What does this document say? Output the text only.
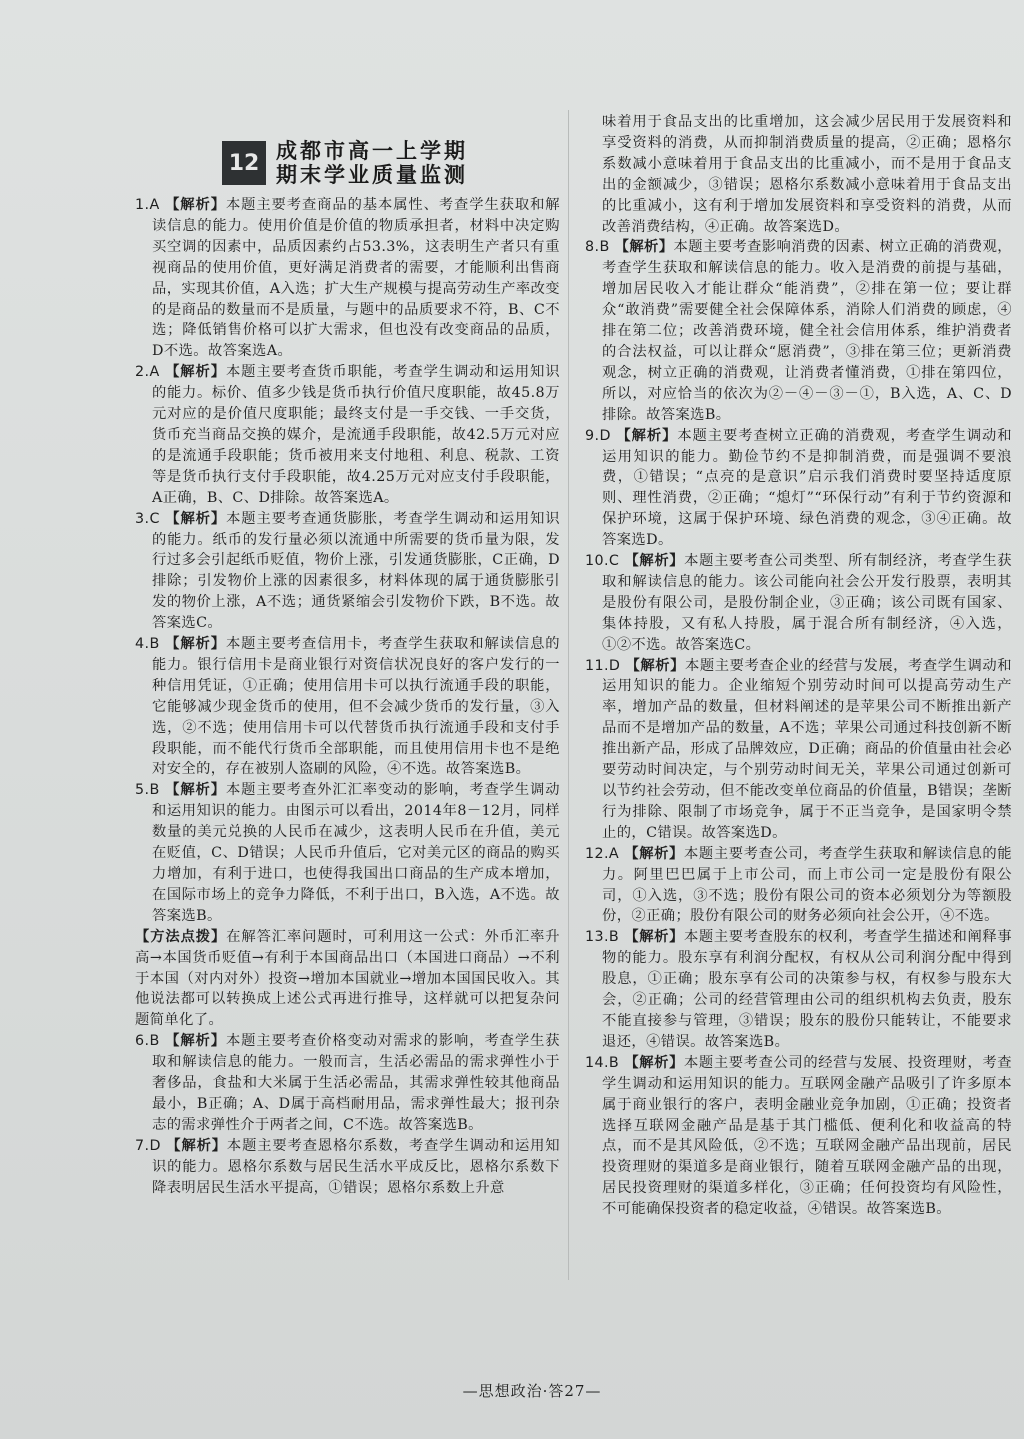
12 成都市高一上学期
期末学业质量监测

1.A 【解析】本题主要考查商品的基本属性、考查学生获取和解读信息的能力。使用价值是价值的物质承担者，材料中决定购买空调的因素中，品质因素约占53.3%，这表明生产者只有重视商品的使用价值，更好满足消费者的需要，才能顺利出售商品，实现其价值，A入选；扩大生产规模与提高劳动生产率改变的是商品的数量而不是质量，与题中的品质要求不符，B、C不选；降低销售价格可以扩大需求，但也没有改变商品的品质，D不选。故答案选A。

2.A 【解析】本题主要考查货币职能，考查学生调动和运用知识的能力。标价、值多少钱是货币执行价值尺度职能，故45.8万元对应的是价值尺度职能；最终支付是一手交钱、一手交货，货币充当商品交换的媒介，是流通手段职能，故42.5万元对应的是流通手段职能；货币被用来支付地租、利息、税款、工资等是货币执行支付手段职能，故4.25万元对应支付手段职能，A正确，B、C、D排除。故答案选A。

3.C 【解析】本题主要考查通货膨胀，考查学生调动和运用知识的能力。纸币的发行量必须以流通中所需要的货币量为限，发行过多会引起纸币贬值，物价上涨，引发通货膨胀，C正确，D排除；引发物价上涨的因素很多，材料体现的属于通货膨胀引发的物价上涨，A不选；通货紧缩会引发物价下跌，B不选。故答案选C。

4.B 【解析】本题主要考查信用卡，考查学生获取和解读信息的能力。银行信用卡是商业银行对资信状况良好的客户发行的一种信用凭证，①正确；使用信用卡可以执行流通手段的职能，它能够减少现金货币的使用，但不会减少货币的发行量，③入选，②不选；使用信用卡可以代替货币执行流通手段和支付手段职能，而不能代行货币全部职能，而且使用信用卡也不是绝对安全的，存在被别人盗刷的风险，④不选。故答案选B。

5.B 【解析】本题主要考查外汇汇率变动的影响，考查学生调动和运用知识的能力。由图示可以看出，2014年8－12月，同样数量的美元兑换的人民币在减少，这表明人民币在升值，美元在贬值，C、D错误；人民币升值后，它对美元区的商品的购买力增加，有利于进口，也使得我国出口商品的生产成本增加，在国际市场上的竞争力降低，不利于出口，B入选，A不选。故答案选B。

【方法点拨】在解答汇率问题时，可利用这一公式：外币汇率升高→本国货币贬值→有利于本国商品出口（本国进口商品）→不利于本国（对内对外）投资→增加本国就业→增加本国国民收入。其他说法都可以转换成上述公式再进行推导，这样就可以把复杂问题简单化了。

6.B 【解析】本题主要考查价格变动对需求的影响，考查学生获取和解读信息的能力。一般而言，生活必需品的需求弹性小于奢侈品，食盐和大米属于生活必需品，其需求弹性较其他商品最小，B正确；A、D属于高档耐用品，需求弹性最大；报刊杂志的需求弹性介于两者之间，C不选。故答案选B。

7.D 【解析】本题主要考查恩格尔系数，考查学生调动和运用知识的能力。恩格尔系数与居民生活水平成反比，恩格尔系数下降表明居民生活水平提高，①错误；恩格尔系数上升意

味着用于食品支出的比重增加，这会减少居民用于发展资料和享受资料的消费，从而抑制消费质量的提高，②正确；恩格尔系数减小意味着用于食品支出的比重减小，而不是用于食品支出的金额减少，③错误；恩格尔系数减小意味着用于食品支出的比重减小，这有利于增加发展资料和享受资料的消费，从而改善消费结构，④正确。故答案选D。

8.B 【解析】本题主要考查影响消费的因素、树立正确的消费观，考查学生获取和解读信息的能力。收入是消费的前提与基础，增加居民收入才能让群众“能消费”，②排在第一位；要让群众“敢消费”需要健全社会保障体系，消除人们消费的顾虑，④排在第二位；改善消费环境，健全社会信用体系，维护消费者的合法权益，可以让群众“愿消费”，③排在第三位；更新消费观念，树立正确的消费观，让消费者懂消费，①排在第四位，所以，对应恰当的依次为②－④－③－①，B入选，A、C、D排除。故答案选B。

9.D 【解析】本题主要考查树立正确的消费观，考查学生调动和运用知识的能力。勤俭节约不是抑制消费，而是强调不要浪费，①错误；“点亮的是意识”启示我们消费时要坚持适度原则、理性消费，②正确；“熄灯”“环保行动”有利于节约资源和保护环境，这属于保护环境、绿色消费的观念，③④正确。故答案选D。

10.C 【解析】本题主要考查公司类型、所有制经济，考查学生获取和解读信息的能力。该公司能向社会公开发行股票，表明其是股份有限公司，是股份制企业，③正确；该公司既有国家、集体持股，又有私人持股，属于混合所有制经济，④入选，①②不选。故答案选C。

11.D 【解析】本题主要考查企业的经营与发展，考查学生调动和运用知识的能力。企业缩短个别劳动时间可以提高劳动生产率，增加产品的数量，但材料阐述的是苹果公司不断推出新产品而不是增加产品的数量，A不选；苹果公司通过科技创新不断推出新产品，形成了品牌效应，D正确；商品的价值量由社会必要劳动时间决定，与个别劳动时间无关，苹果公司通过创新可以节约社会劳动，但不能改变单位商品的价值量，B错误；垄断行为排除、限制了市场竞争，属于不正当竞争，是国家明令禁止的，C错误。故答案选D。

12.A 【解析】本题主要考查公司，考查学生获取和解读信息的能力。阿里巴巴属于上市公司，而上市公司一定是股份有限公司，①入选，③不选；股份有限公司的资本必须划分为等额股份，②正确；股份有限公司的财务必须向社会公开，④不选。

13.B 【解析】本题主要考查股东的权利，考查学生描述和阐释事物的能力。股东享有利润分配权，有权从公司利润分配中得到股息，①正确；股东享有公司的决策参与权，有权参与股东大会，②正确；公司的经营管理由公司的组织机构去负责，股东不能直接参与管理，③错误；股东的股份只能转让，不能要求退还，④错误。故答案选B。

14.B 【解析】本题主要考查公司的经营与发展、投资理财，考查学生调动和运用知识的能力。互联网金融产品吸引了许多原本属于商业银行的客户，表明金融业竞争加剧，①正确；投资者选择互联网金融产品是基于其门槛低、便利化和收益高的特点，而不是其风险低，②不选；互联网金融产品出现前，居民投资理财的渠道多是商业银行，随着互联网金融产品的出现，居民投资理财的渠道多样化，③正确；任何投资均有风险性，不可能确保投资者的稳定收益，④错误。故答案选B。

—思想政治·答27—
